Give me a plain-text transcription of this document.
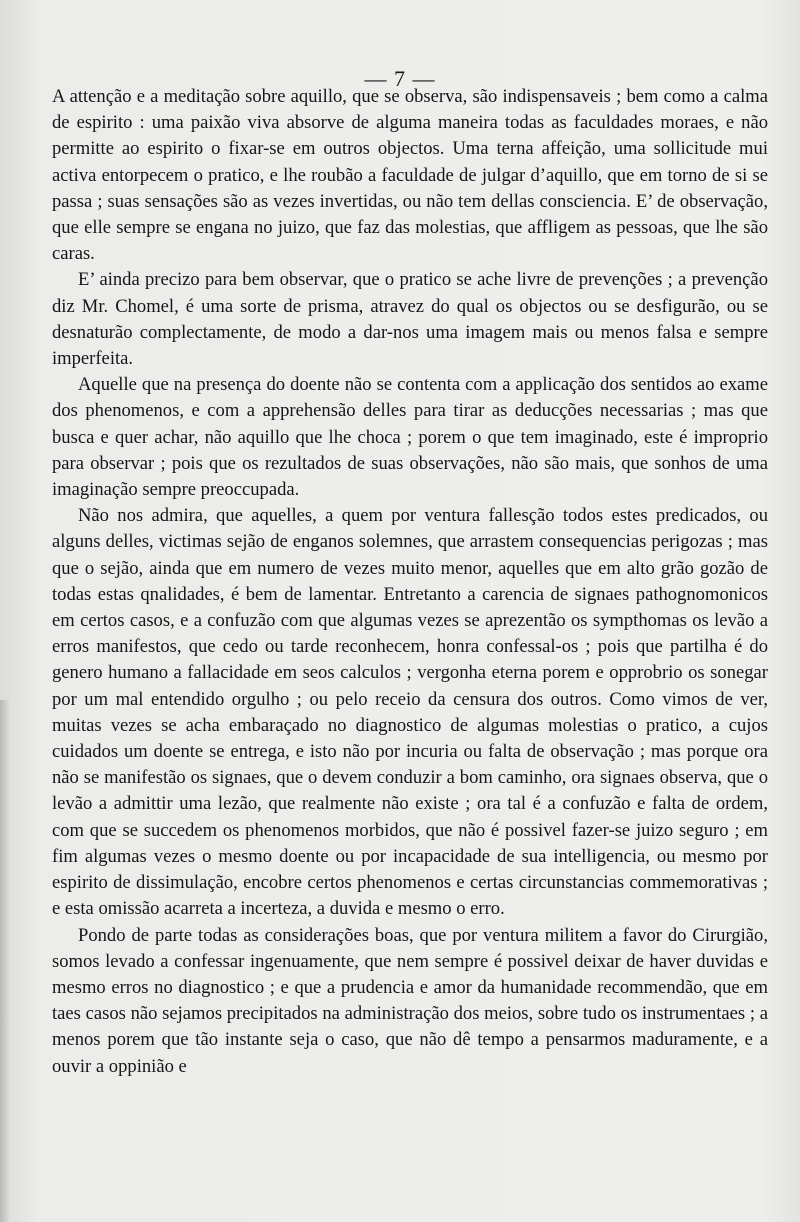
— 7 —

A attenção e a meditação sobre aquillo, que se observa, são indispensaveis ; bem como a calma de espirito : uma paixão viva absorve de alguma maneira todas as faculdades moraes, e não permitte ao espirito o fixar-se em outros objectos. Uma terna affeição, uma sollicitude mui activa entorpecem o pratico, e lhe roubão a faculdade de julgar d’aquillo, que em torno de si se passa ; suas sensações são as vezes invertidas, ou não tem dellas consciencia. E’ de observação, que elle sempre se engana no juizo, que faz das molestias, que affligem as pessoas, que lhe são caras.

E’ ainda precizo para bem observar, que o pratico se ache livre de prevenções ; a prevenção diz Mr. Chomel, é uma sorte de prisma, atravez do qual os objectos ou se desfigurão, ou se desnaturão complectamente, de modo a dar-nos uma imagem mais ou menos falsa e sempre imperfeita.

Aquelle que na presença do doente não se contenta com a applicação dos sentidos ao exame dos phenomenos, e com a apprehensão delles para tirar as deducções necessarias ; mas que busca e quer achar, não aquillo que lhe choca ; porem o que tem imaginado, este é improprio para observar ; pois que os rezultados de suas observações, não são mais, que sonhos de uma imaginação sempre preoccupada.

Não nos admira, que aquelles, a quem por ventura fallesção todos estes predicados, ou alguns delles, victimas sejão de enganos solemnes, que arrastem consequencias perigozas ; mas que o sejão, ainda que em numero de vezes muito menor, aquelles que em alto grão gozão de todas estas qnalidades, é bem de lamentar. Entretanto a carencia de signaes pathognomonicos em certos casos, e a confuzão com que algumas vezes se aprezentão os sympthomas os levão a erros manifestos, que cedo ou tarde reconhecem, honra confessal-os ; pois que partilha é do genero humano a fallacidade em seos calculos ; vergonha eterna porem e opprobrio os sonegar por um mal entendido orgulho ; ou pelo receio da censura dos outros. Como vimos de ver, muitas vezes se acha embaraçado no diagnostico de algumas molestias o pratico, a cujos cuidados um doente se entrega, e isto não por incuria ou falta de observação ; mas porque ora não se manifestão os signaes, que o devem conduzir a bom caminho, ora signaes observa, que o levão a admittir uma lezão, que realmente não existe ; ora tal é a confuzão e falta de ordem, com que se succedem os phenomenos morbidos, que não é possivel fazer-se juizo seguro ; em fim algumas vezes o mesmo doente ou por incapacidade de sua intelligencia, ou mesmo por espirito de dissimulação, encobre certos phenomenos e certas circunstancias commemorativas ; e esta omissão acarreta a incerteza, a duvida e mesmo o erro.

Pondo de parte todas as considerações boas, que por ventura militem a favor do Cirurgião, somos levado a confessar ingenuamente, que nem sempre é possivel deixar de haver duvidas e mesmo erros no diagnostico ; e que a prudencia e amor da humanidade recommendão, que em taes casos não sejamos precipitados na administração dos meios, sobre tudo os instrumentaes ; a menos porem que tão instante seja o caso, que não dê tempo a pensarmos maduramente, e a ouvir a oppinião e
